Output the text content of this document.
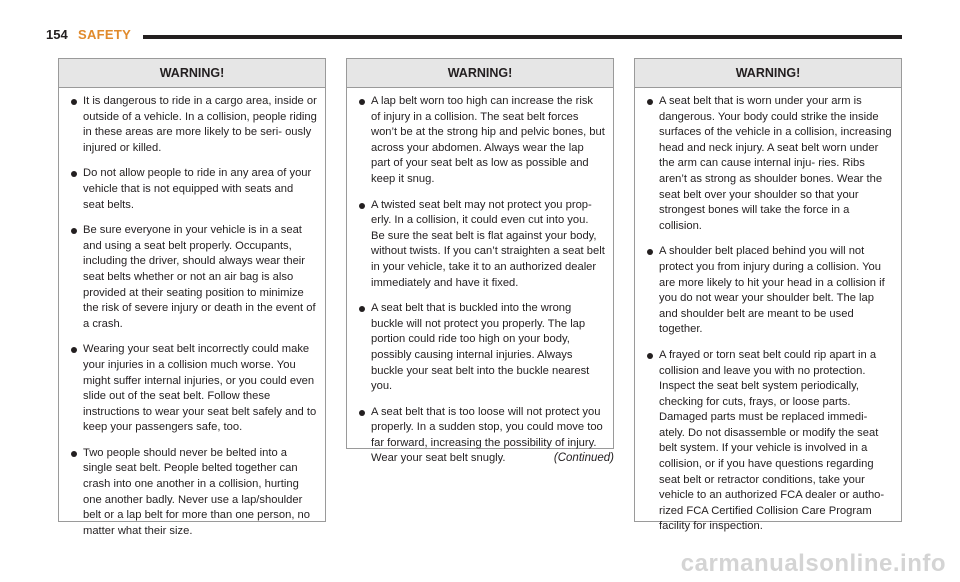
154 SAFETY
WARNING!
It is dangerous to ride in a cargo area, inside or outside of a vehicle. In a collision, people riding in these areas are more likely to be seri- ously injured or killed.
Do not allow people to ride in any area of your vehicle that is not equipped with seats and seat belts.
Be sure everyone in your vehicle is in a seat and using a seat belt properly. Occupants, including the driver, should always wear their seat belts whether or not an air bag is also provided at their seating position to minimize the risk of severe injury or death in the event of a crash.
Wearing your seat belt incorrectly could make your injuries in a collision much worse. You might suffer internal injuries, or you could even slide out of the seat belt. Follow these instructions to wear your seat belt safely and to keep your passengers safe, too.
Two people should never be belted into a single seat belt. People belted together can crash into one another in a collision, hurting one another badly. Never use a lap/shoulder belt or a lap belt for more than one person, no matter what their size.
WARNING!
A lap belt worn too high can increase the risk of injury in a collision. The seat belt forces won’t be at the strong hip and pelvic bones, but across your abdomen. Always wear the lap part of your seat belt as low as possible and keep it snug.
A twisted seat belt may not protect you prop- erly. In a collision, it could even cut into you. Be sure the seat belt is flat against your body, without twists. If you can’t straighten a seat belt in your vehicle, take it to an authorized dealer immediately and have it fixed.
A seat belt that is buckled into the wrong buckle will not protect you properly. The lap portion could ride too high on your body, possibly causing internal injuries. Always buckle your seat belt into the buckle nearest you.
A seat belt that is too loose will not protect you properly. In a sudden stop, you could move too far forward, increasing the possibility of injury. Wear your seat belt snugly.	(Continued)
WARNING!
A seat belt that is worn under your arm is dangerous. Your body could strike the inside surfaces of the vehicle in a collision, increasing head and neck injury. A seat belt worn under the arm can cause internal inju- ries. Ribs aren’t as strong as shoulder bones. Wear the seat belt over your shoulder so that your strongest bones will take the force in a collision.
A shoulder belt placed behind you will not protect you from injury during a collision. You are more likely to hit your head in a collision if you do not wear your shoulder belt. The lap and shoulder belt are meant to be used together.
A frayed or torn seat belt could rip apart in a collision and leave you with no protection. Inspect the seat belt system periodically, checking for cuts, frays, or loose parts. Damaged parts must be replaced immedi- ately. Do not disassemble or modify the seat belt system. If your vehicle is involved in a collision, or if you have questions regarding seat belt or retractor conditions, take your vehicle to an authorized FCA dealer or autho- rized FCA Certified Collision Care Program facility for inspection.
carmanualsonline.info
